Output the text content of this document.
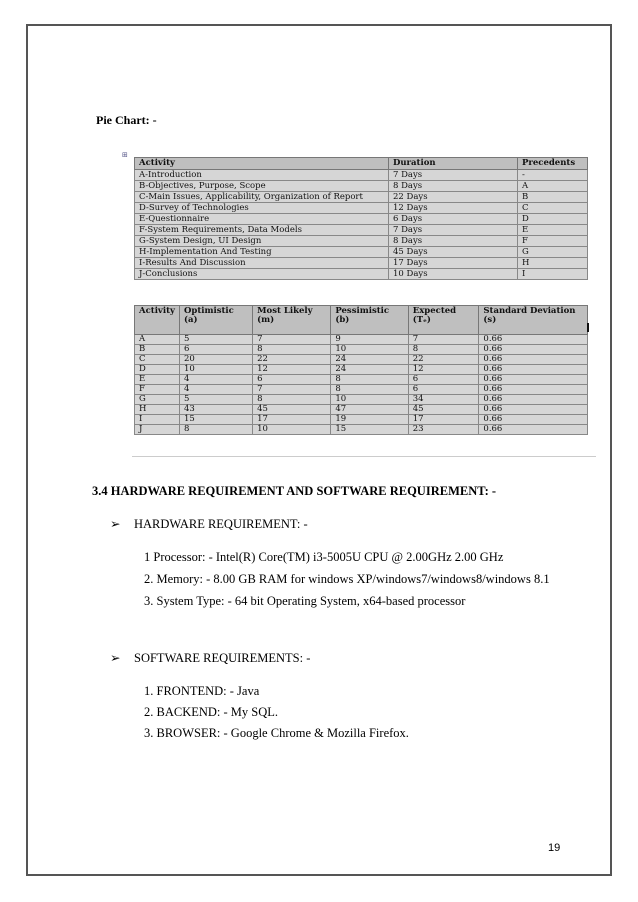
Pie Chart: -
⊞
Activity	Duration	Precedents
A-Introduction	7 Days	-
B-Objectives, Purpose, Scope	8 Days	A
C-Main Issues, Applicability, Organization of Report	22 Days	B
D-Survey of Technologies	12 Days	C
E-Questionnaire	6 Days	D
F-System Requirements, Data Models	7 Days	E
G-System Design, UI Design	8 Days	F
H-Implementation And Testing	45 Days	G
I-Results And Discussion	17 Days	H
J-Conclusions	10 Days	I
Activity	Optimistic (a)	Most Likely (m)	Pessimistic (b)	Expected (Tₑ)	Standard Deviation (s)
A	5	7	9	7	0.66
B	6	8	10	8	0.66
C	20	22	24	22	0.66
D	10	12	24	12	0.66
E	4	6	8	6	0.66
F	4	7	8	6	0.66
G	5	8	10	34	0.66
H	43	45	47	45	0.66
I	15	17	19	17	0.66
J	8	10	15	23	0.66
3.4 HARDWARE REQUIREMENT AND SOFTWARE REQUIREMENT: -
➢ HARDWARE REQUIREMENT: -
1 Processor: - Intel(R) Core(TM) i3-5005U CPU @ 2.00GHz 2.00 GHz
2. Memory: - 8.00 GB RAM for windows XP/windows7/windows8/windows 8.1
3. System Type: - 64 bit Operating System, x64-based processor
➢ SOFTWARE REQUIREMENTS: -
1. FRONTEND: - Java
2. BACKEND: - My SQL.
3. BROWSER: - Google Chrome & Mozilla Firefox.
19
